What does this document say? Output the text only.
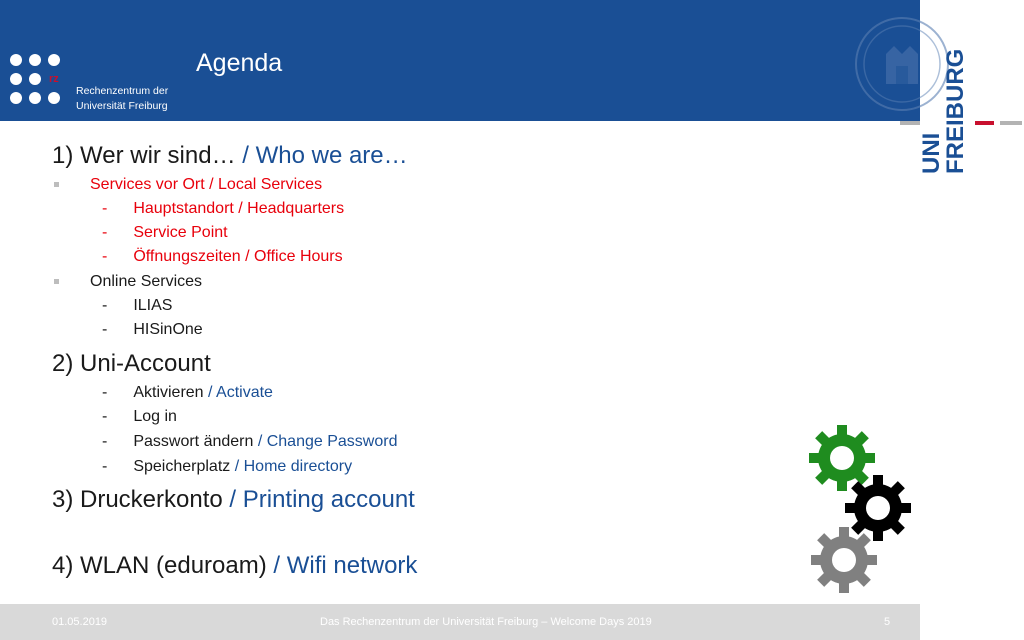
rz
Rechenzentrum der
Universität Freiburg
Agenda
UNI
FREIBURG
1) Wer wir sind… / Who we are…
Services vor Ort / Local Services
- Hauptstandort / Headquarters
- Service Point
- Öffnungszeiten / Office Hours
Online Services
- ILIAS
- HISinOne
2) Uni-Account
- Aktivieren / Activate
- Log in
- Passwort ändern / Change Password
- Speicherplatz / Home directory
3) Druckerkonto / Printing account
4) WLAN (eduroam) / Wifi network
01.05.2019	Das Rechenzentrum der Universität Freiburg – Welcome Days 2019	5
